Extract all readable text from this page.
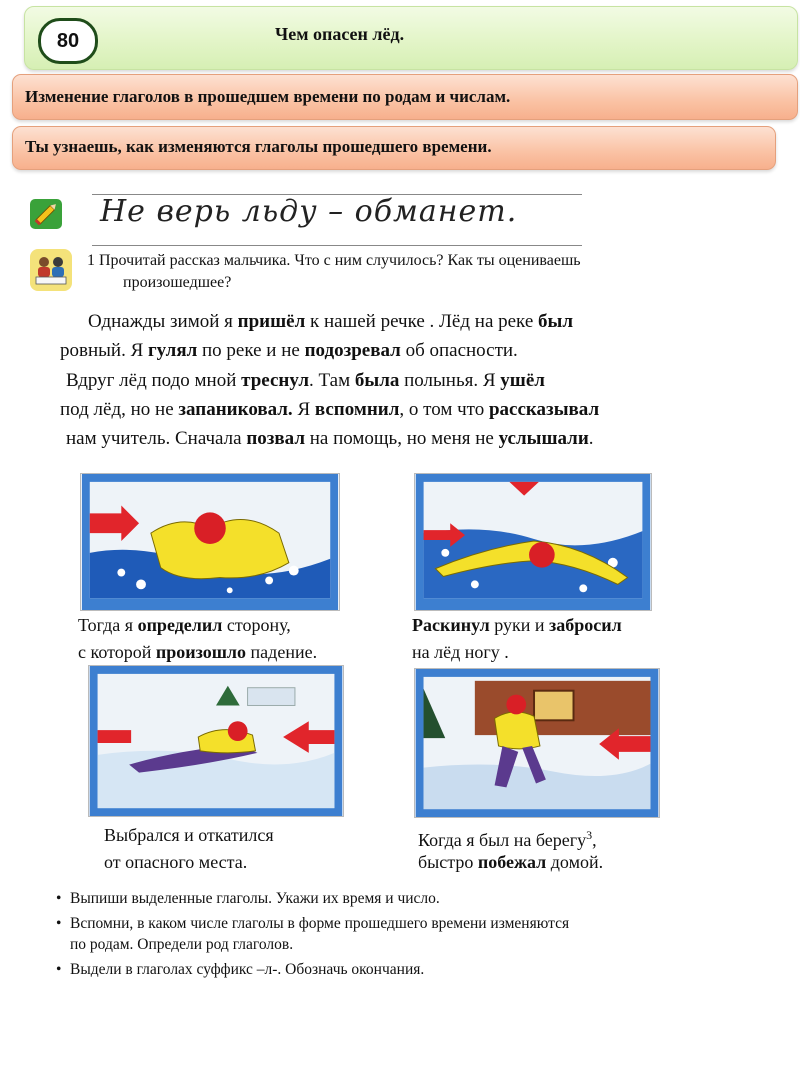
80	Чем опасен лёд.
Изменение глаголов в прошедшем времени по родам и числам.
Ты узнаешь, как изменяются глаголы прошедшего времени.
Не верь льду – обманет.
1 Прочитай рассказ мальчика. Что с ним случилось? Как ты оцениваешь
произошедшее?
Однажды зимой я пришёл к нашей речке . Лёд на реке был
ровный. Я гулял по реке и не подозревал об опасности.
Вдруг лёд подо мной треснул. Там была полынья. Я ушёл
под лёд, но не запаниковал. Я вспомнил, о том что рассказывал
нам учитель. Сначала позвал на помощь, но меня не услышали.
Тогда я определил сторону,
с которой произошло падение.
Раскинул руки и забросил
на лёд ногу .
Выбрался и откатился
от опасного места.
Когда я был на берегу$^3$,
быстро побежал домой.
• Выпиши выделенные глаголы. Укажи их время и число.
• Вспомни, в каком числе глаголы в форме прошедшего времени изменяются
по родам. Определи род глаголов.
• Выдели в глаголах суффикс –л-. Обозначь окончания.
